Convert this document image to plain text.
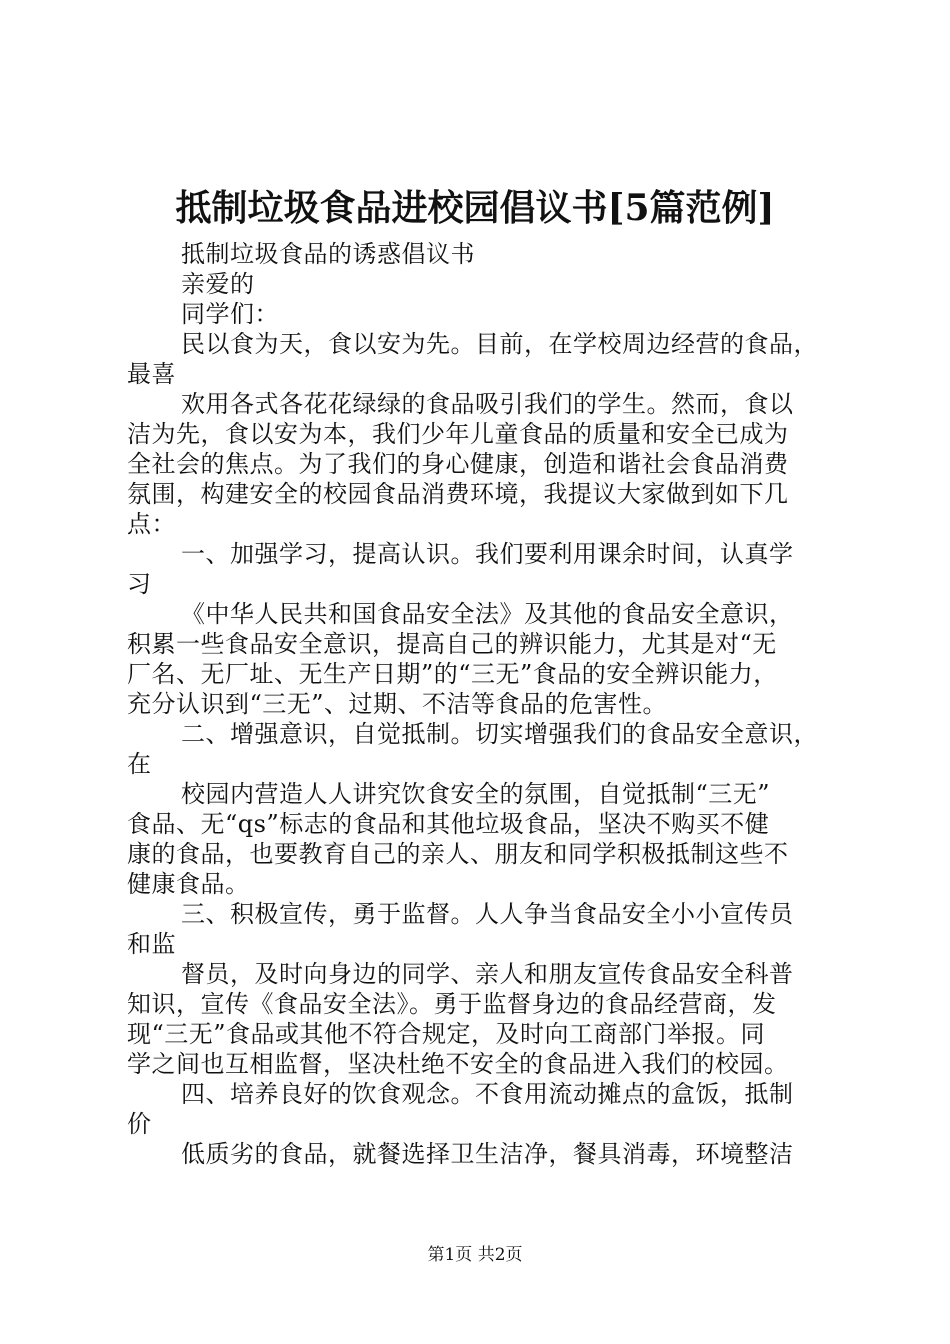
抵制垃圾食品进校园倡议书[5篇范例]
抵制垃圾食品的诱惑倡议书
亲爱的
同学们：
民以食为天，食以安为先。目前，在学校周边经营的食品，
最喜
欢用各式各花花绿绿的食品吸引我们的学生。然而，食以
洁为先，食以安为本，我们少年儿童食品的质量和安全已成为
全社会的焦点。为了我们的身心健康，创造和谐社会食品消费
氛围，构建安全的校园食品消费环境，我提议大家做到如下几
点：
一、加强学习，提高认识。我们要利用课余时间，认真学
习
《中华人民共和国食品安全法》及其他的食品安全意识，
积累一些食品安全意识，提高自己的辨识能力，尤其是对“无
厂名、无厂址、无生产日期”的“三无”食品的安全辨识能力，
充分认识到“三无”、过期、不洁等食品的危害性。
二、增强意识，自觉抵制。切实增强我们的食品安全意识，
在
校园内营造人人讲究饮食安全的氛围，自觉抵制“三无”
食品、无“qs”标志的食品和其他垃圾食品，坚决不购买不健
康的食品，也要教育自己的亲人、朋友和同学积极抵制这些不
健康食品。
三、积极宣传，勇于监督。人人争当食品安全小小宣传员
和监
督员，及时向身边的同学、亲人和朋友宣传食品安全科普
知识，宣传《食品安全法》。勇于监督身边的食品经营商，发
现“三无”食品或其他不符合规定，及时向工商部门举报。同
学之间也互相监督，坚决杜绝不安全的食品进入我们的校园。
四、培养良好的饮食观念。不食用流动摊点的盒饭，抵制
价
低质劣的食品，就餐选择卫生洁净，餐具消毒，环境整洁
第1页 共2页
